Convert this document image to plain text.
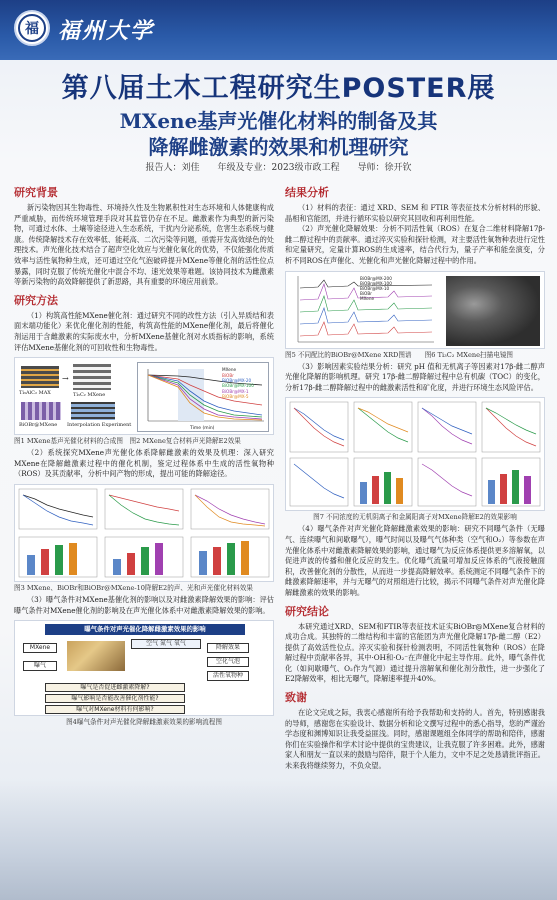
福 福州大学
第八届土木工程研究生POSTER展
MXene基声光催化材料的制备及其
降解雌激素的效果和机理研究
报告人：刘佳　　年级及专业：2023级市政工程　　导师：徐开钦
研究背景
新污染物因其生物毒性、环境持久性及生物累积性对生态环境和人体健康构成严重威胁，而传统环境管理手段对其监管仍存在不足。雌激素作为典型的新污染物，可通过水体、土壤等途径进入生态系统，干扰内分泌系统，危害生态系统与健康。传统降解技术存在效率低、能耗高、二次污染等问题，亟需开发高效绿色的处理技术。声光催化技术结合了超声空化效应与光催化氧化的优势，不仅能强化传质效率与活性氧物种生成，还可通过空化气泡破碎提升MXene等催化剂的活性位点暴露，同时克服了传统光催化中混合不均、速光效果等难题。该协同技术为雌激素等新污染物的高效降解提供了新思路，具有重要的环境应用前景。
研究方法
（1）构筑高性能MXene催化剂：通过研究不同的改性方法（引入异质结和表面末端功能化）来优化催化剂的性能，构筑高性能的MXene催化剂，最后将催化剂运用于含雌激素的实际废水中，分析MXene基催化剂对水质指标的影响，系统评估MXene基催化剂的可回收性和生物毒性。
Ti₃AlC₂ MAX
→
Ti₃C₂ MXene
BiOBr@MXene Interpolation Experiment
MXene
BiOBr
BiOBr@MX-20
BiOBr@MX-100
BiOBr@MX-1
BiOBr@MX-5
Time (min)
图1 MXene基声光催化材料的合成图　图2 MXene复合材料声光降解E2效果
（2）系统探究MXene声光催化体系降解雌激素的效果及机理：深入研究MXene在降解雌激素过程中的催化机制，鉴定过程体系中生成的活性氧物种（ROS）及其贡献率，分析中间产物的形成，提出可能的降解途径。
图3 MXene、BiOBr和BiOBr@MXene-10降解E2的声、光和声光催化材料效果
（3）曝气条件对MXene基催化剂的影响以及对雌激素降解效果的影响：评估曝气条件对MXene催化剂的影响及在声光催化体系中对雌激素降解效果的影响。
曝气条件对声光催化降解雌激素效果的影响
MXene
曝气
空气 氮气 氧气
降解效果
空化气泡
活性氧物种
曝气是否促进雌激素降解?
曝气影响是否能改善催化剂性能?
曝气对MXene材料有何影响?
图4曝气条件对声光催化降解雌激素效果的影响流程图
结果分析
（1）材料的表征：通过 XRD、SEM 和 FTIR 等表征技术分析材料的形貌、晶相和官能团，并进行循环实验以研究其回收和再利用性能。
（2）声光催化降解效果：分析不同活性氧（ROS）在复合二维材料降解17β-雌二醇过程中的贡献率。通过淬灭实验和探针检测，对主要活性氧物种表进行定性和定量研究，定量计算ROS的生成速率，结合代行为，量子产率和能垒演变，分析不同ROS在声催化、光催化和声光催化降解过程中的作用。
BiOBr@MX-200
BiOBr@MX-100
BiOBr@MX-10
BiOBr
MXene
图5 不同配比的BiOBr@MXene XRD图谱　　图6 Ti₃C₂ MXene扫描电镜图
（3）影响因素实验结果分析：研究 pH 值和无机离子等因素对17β-雌二醇声光催化降解的影响机理。研究 17β-雌二醇降解过程中总有机碳（TOC）的变化，分析17β-雌二醇降解过程中的雌激素活性和矿化度，并进行环境生态风险评估。
图7 不同浓度的无机阴离子和金属阳离子对MXene降解E2的效果影响
（4）曝气条件对声光催化降解雌激素效果的影响：研究不同曝气条件（无曝气、连续曝气和间歇曝气），曝气时间以及曝气气体种类（空气和O₂）等参数在声光催化体系中对雌激素降解效果的影响，通过曝气为反应体系提供更多溶解氧，以促进声波的传播和催化反应的发生。优化曝气流量可增加反应体系的气液接触面积，改善催化剂的分散性，从而进一步提高降解效率。系统测定不同曝气条件下的雌激素降解速率，并与无曝气的对照组进行比较，揭示不同曝气条件对声光催化降解雌激素的效果的影响。
研究结论
本研究通过XRD、SEM和FTIR等表征技术证实BiOBr@MXene复合材料的成功合成。其独特的二维结构和丰富的官能团为声光催化降解17β-雌二醇（E2）提供了高效活性位点。淬灭实验和探针检测表明，不同活性氧物种（ROS）在降解过程中贡献率各异，其中·OH和·O₂⁻在声催化中起主导作用。此外，曝气条件优化（如间歇曝气、O₂作为气源）通过提升溶解氧和催化剂分散性，进一步强化了E2降解效率，相比无曝气，降解速率提升40%。
致谢
在论文完成之际，我衷心感谢所有给予我帮助和支持的人。首先，特别感谢我的导师，感谢您在实验设计、数据分析和论文撰写过程中的悉心指导，您的严谨治学态度和渊博知识让我受益匪浅。同时，感谢课题组全体同学的帮助和陪伴，感谢你们在实验操作和学术讨论中提供的宝贵建议，让我克服了许多困难。此外，感谢家人和朋友一直以来的鼓励与陪伴，限于个人能力，文中不足之处恳请批评指正。未来我将继续努力，不负众望。
